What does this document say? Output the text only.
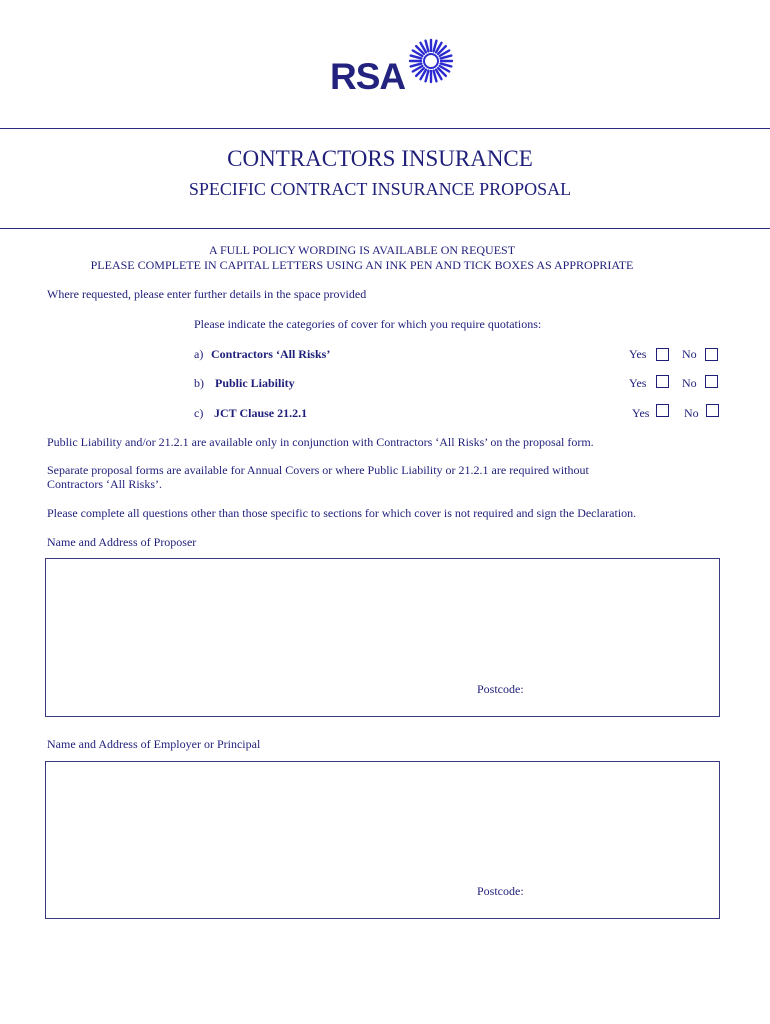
RSA
CONTRACTORS INSURANCE
SPECIFIC CONTRACT INSURANCE PROPOSAL
A FULL POLICY WORDING IS AVAILABLE ON REQUEST
PLEASE COMPLETE IN CAPITAL LETTERS USING AN INK PEN AND TICK BOXES AS APPROPRIATE
Where requested, please enter further details in the space provided
Please indicate the categories of cover for which you require quotations:
a) Contractors ‘All Risks’	Yes	No
b) Public Liability	Yes	No
c) JCT Clause 21.2.1	Yes	No
Public Liability and/or 21.2.1 are available only in conjunction with Contractors ‘All Risks’ on the proposal form.
Separate proposal forms are available for Annual Covers or where Public Liability or 21.2.1 are required without
Contractors ‘All Risks’.
Please complete all questions other than those specific to sections for which cover is not required and sign the Declaration.
Name and Address of Proposer
Postcode:
Name and Address of Employer or Principal
Postcode:
